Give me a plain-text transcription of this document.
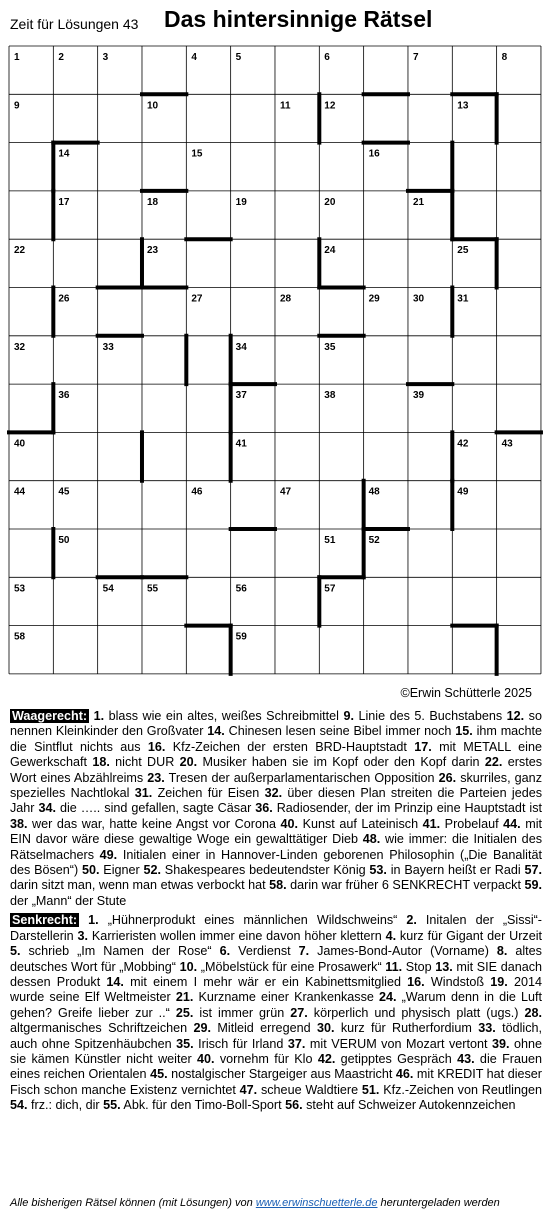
Zeit für Lösungen 43 Das hintersinnige Rätsel
1	2	3	4	5	6	7	8
9	10	11	12	13
14	15	16
17	18	19	20	21
22	23	24	25
26	27	28	29	30	31
32	33	34	35
36	37	38	39
40	41	42	43
44	45	46	47	48	49
50	51	52
53	54	55	56	57
58	59
©Erwin Schütterle 2025

Waagerecht: 1. blass wie ein altes, weißes Schreibmittel 9. Linie des 5. Buchstabens 12. so nennen Kleinkinder den Großvater 14. Chinesen lesen seine Bibel immer noch 15. ihm machte die Sintflut nichts aus 16. Kfz-Zeichen der ersten BRD-Hauptstadt 17. mit METALL eine Gewerkschaft 18. nicht DUR 20. Musiker haben sie im Kopf oder den Kopf darin 22. erstes Wort eines Abzählreims 23. Tresen der außerparlamentarischen Opposition 26. skurriles, ganz spezielles Nachtlokal 31. Zeichen für Eisen 32. über diesen Plan streiten die Parteien jedes Jahr 34. die ….. sind gefallen, sagte Cäsar 36. Radiosender, der im Prinzip eine Hauptstadt ist 38. wer das war, hatte keine Angst vor Corona 40. Kunst auf Lateinisch 41. Probelauf 44. mit EIN davor wäre diese gewaltige Woge ein gewalttätiger Dieb 48. wie immer: die Initialen des Rätselmachers 49. Initialen einer in Hannover-Linden geborenen Philosophin („Die Banalität des Bösen“) 50. Eigner 52. Shakespeares bedeutendster König 53. in Bayern heißt er Radi 57. darin sitzt man, wenn man etwas verbockt hat 58. darin war früher 6 SENKRECHT verpackt 59. der „Mann“ der Stute

Senkrecht: 1. „Hühnerprodukt eines männlichen Wildschweins“ 2. Initalen der „Sissi“-Darstellerin 3. Karrieristen wollen immer eine davon höher klettern 4. kurz für Gigant der Urzeit 5. schrieb „Im Namen der Rose“ 6. Verdienst 7. James-Bond-Autor (Vorname) 8. altes deutsches Wort für „Mobbing“ 10. „Möbelstück für eine Prosawerk“ 11. Stop 13. mit SIE danach dessen Produkt 14. mit einem I mehr wär er ein Kabinettsmitglied 16. Windstoß 19. 2014 wurde seine Elf Weltmeister 21. Kurzname einer Krankenkasse 24. „Warum denn in die Luft gehen? Greife lieber zur ..“ 25. ist immer grün 27. körperlich und physisch platt (ugs.) 28. altgermanisches Schriftzeichen 29. Mitleid erregend 30. kurz für Rutherfordium 33. tödlich, auch ohne Spitzenhäubchen 35. Irisch für Irland 37. mit VERUM von Mozart vertont 39. ohne sie kämen Künstler nicht weiter 40. vornehm für Klo 42. getipptes Gespräch 43. die Frauen eines reichen Orientalen 45. nostalgischer Stargeiger aus Maastricht 46. mit KREDIT hat dieser Fisch schon manche Existenz vernichtet 47. scheue Waldtiere 51. Kfz.-Zeichen von Reutlingen 54. frz.: dich, dir 55. Abk. für den Timo-Boll-Sport 56. steht auf Schweizer Autokennzeichen

Alle bisherigen Rätsel können (mit Lösungen) von www.erwinschuetterle.de heruntergeladen werden
